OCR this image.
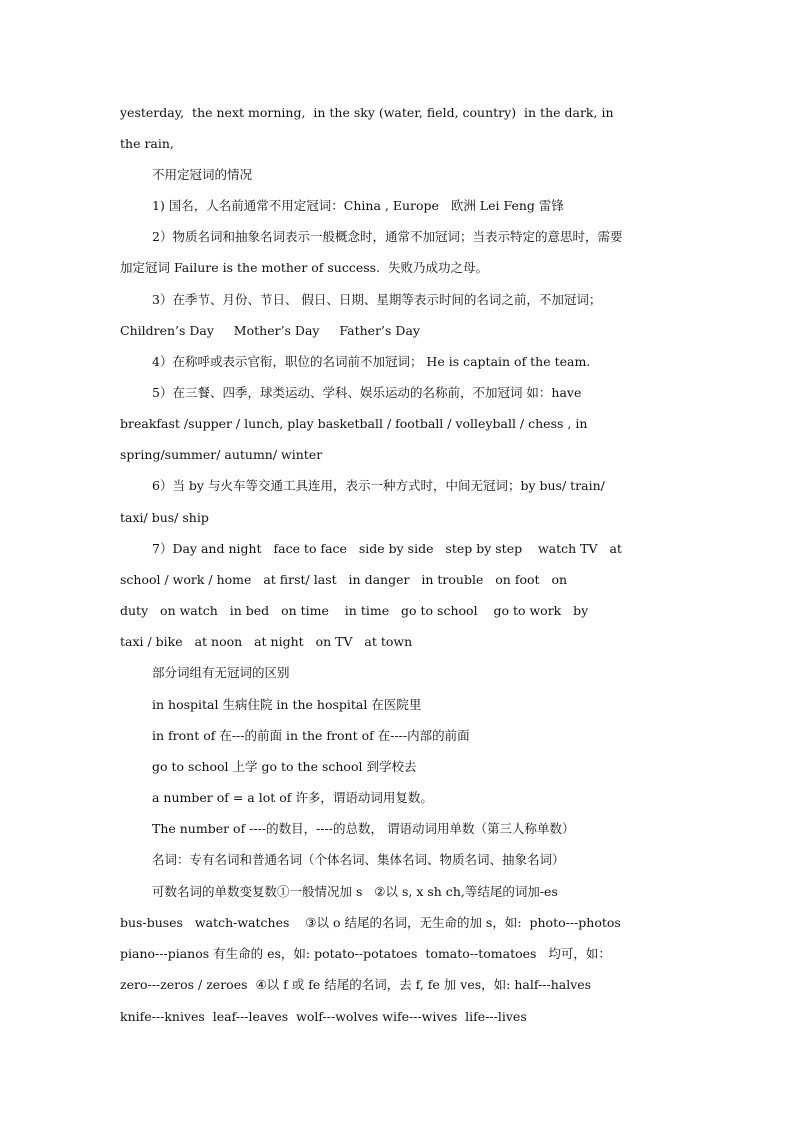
yesterday,  the next morning,  in the sky (water, field, country)  in the dark, in
the rain,
不用定冠词的情况
1) 国名，人名前通常不用定冠词：China , Europe   欧洲 Lei Feng 雷锋
2）物质名词和抽象名词表示一般概念时，通常不加冠词；当表示特定的意思时，需要
加定冠词 Failure is the mother of success.  失败乃成功之母。
3）在季节、月份、节日、 假日、日期、星期等表示时间的名词之前，不加冠词；
Children’s Day     Mother’s Day     Father’s Day
4）在称呼或表示官衔，职位的名词前不加冠词； He is captain of the team.
5）在三餐、四季，球类运动、学科、娱乐运动的名称前，不加冠词 如：have
breakfast /supper / lunch, play basketball / football / volleyball / chess , in
spring/summer/ autumn/ winter
6）当 by 与火车等交通工具连用，表示一种方式时，中间无冠词；by bus/ train/
taxi/ bus/ ship
7）Day and night   face to face   side by side   step by step    watch TV   at
school / work / home   at first/ last   in danger   in trouble   on foot   on
duty   on watch   in bed   on time    in time   go to school    go to work   by
taxi / bike   at noon   at night   on TV   at town
部分词组有无冠词的区别
in hospital 生病住院 in the hospital 在医院里
in front of 在---的前面 in the front of 在----内部的前面
go to school 上学 go to the school 到学校去
a number of = a lot of 许多，谓语动词用复数。
The number of ----的数目，----的总数， 谓语动词用单数（第三人称单数）
名词：专有名词和普通名词（个体名词、集体名词、物质名词、抽象名词）
可数名词的单数变复数①一般情况加 s   ②以 s, x sh ch,等结尾的词加-es
bus-buses   watch-watches    ③以 o 结尾的名词，无生命的加 s，如:  photo---photos
piano---pianos 有生命的 es，如: potato--potatoes  tomato--tomatoes   均可，如：
zero---zeros / zeroes  ④以 f 或 fe 结尾的名词，去 f, fe 加 ves，如: half---halves
knife---knives  leaf---leaves  wolf---wolves wife---wives  life---lives
